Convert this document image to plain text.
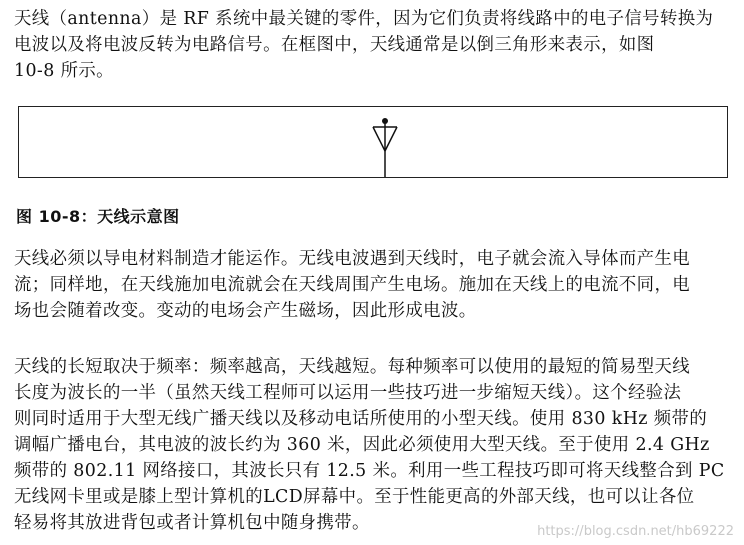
天线（antenna）是 RF 系统中最关键的零件，因为它们负责将线路中的电子信号转换为
电波以及将电波反转为电路信号。在框图中，天线通常是以倒三角形来表示，如图
10-8 所示。

图 10-8：天线示意图

天线必须以导电材料制造才能运作。无线电波遇到天线时，电子就会流入导体而产生电
流；同样地，在天线施加电流就会在天线周围产生电场。施加在天线上的电流不同，电
场也会随着改变。变动的电场会产生磁场，因此形成电波。

天线的长短取决于频率：频率越高，天线越短。每种频率可以使用的最短的简易型天线
长度为波长的一半（虽然天线工程师可以运用一些技巧进一步缩短天线）。这个经验法
则同时适用于大型无线广播天线以及移动电话所使用的小型天线。使用 830 kHz 频带的
调幅广播电台，其电波的波长约为 360 米，因此必须使用大型天线。至于使用 2.4 GHz
频带的 802.11 网络接口，其波长只有 12.5 米。利用一些工程技巧即可将天线整合到 PC
无线网卡里或是膝上型计算机的LCD屏幕中。至于性能更高的外部天线，也可以让各位
轻易将其放进背包或者计算机包中随身携带。	https://blog.csdn.net/hb69222
